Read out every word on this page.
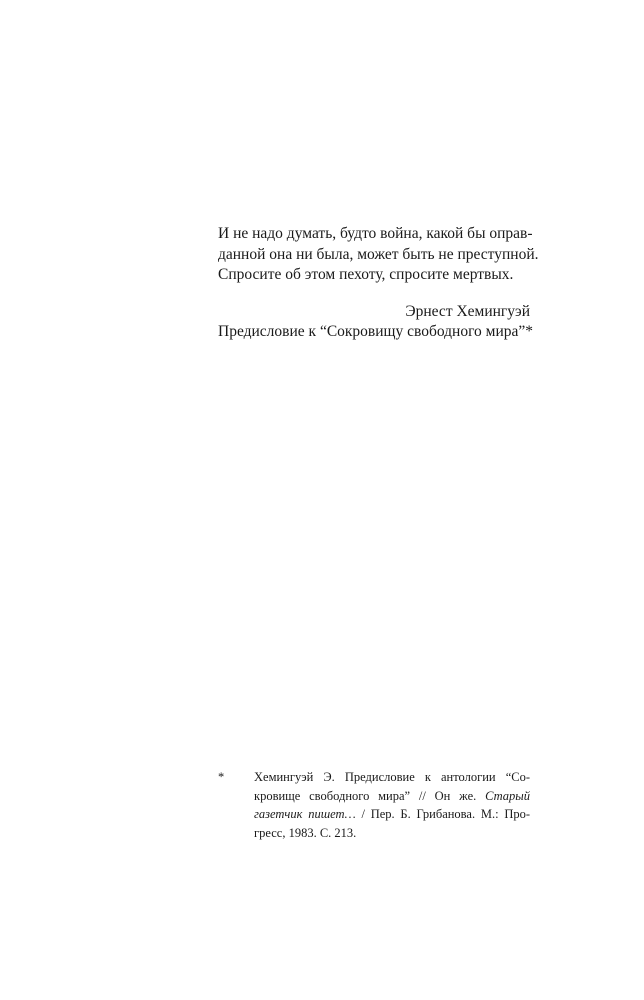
И не надо думать, будто война, какой бы оправ-
данной она ни была, может быть не преступной.
Спросите об этом пехоту, спросите мертвых.

Эрнест Хемингуэй
Предисловие к “Сокровищу свободного мира”*
* Хемингуэй Э. Предисловие к антологии “Со-
кровище свободного мира” // Он же. Старый
газетчик пишет… / Пер. Б. Грибанова. М.: Про-
гресс, 1983. С. 213.
